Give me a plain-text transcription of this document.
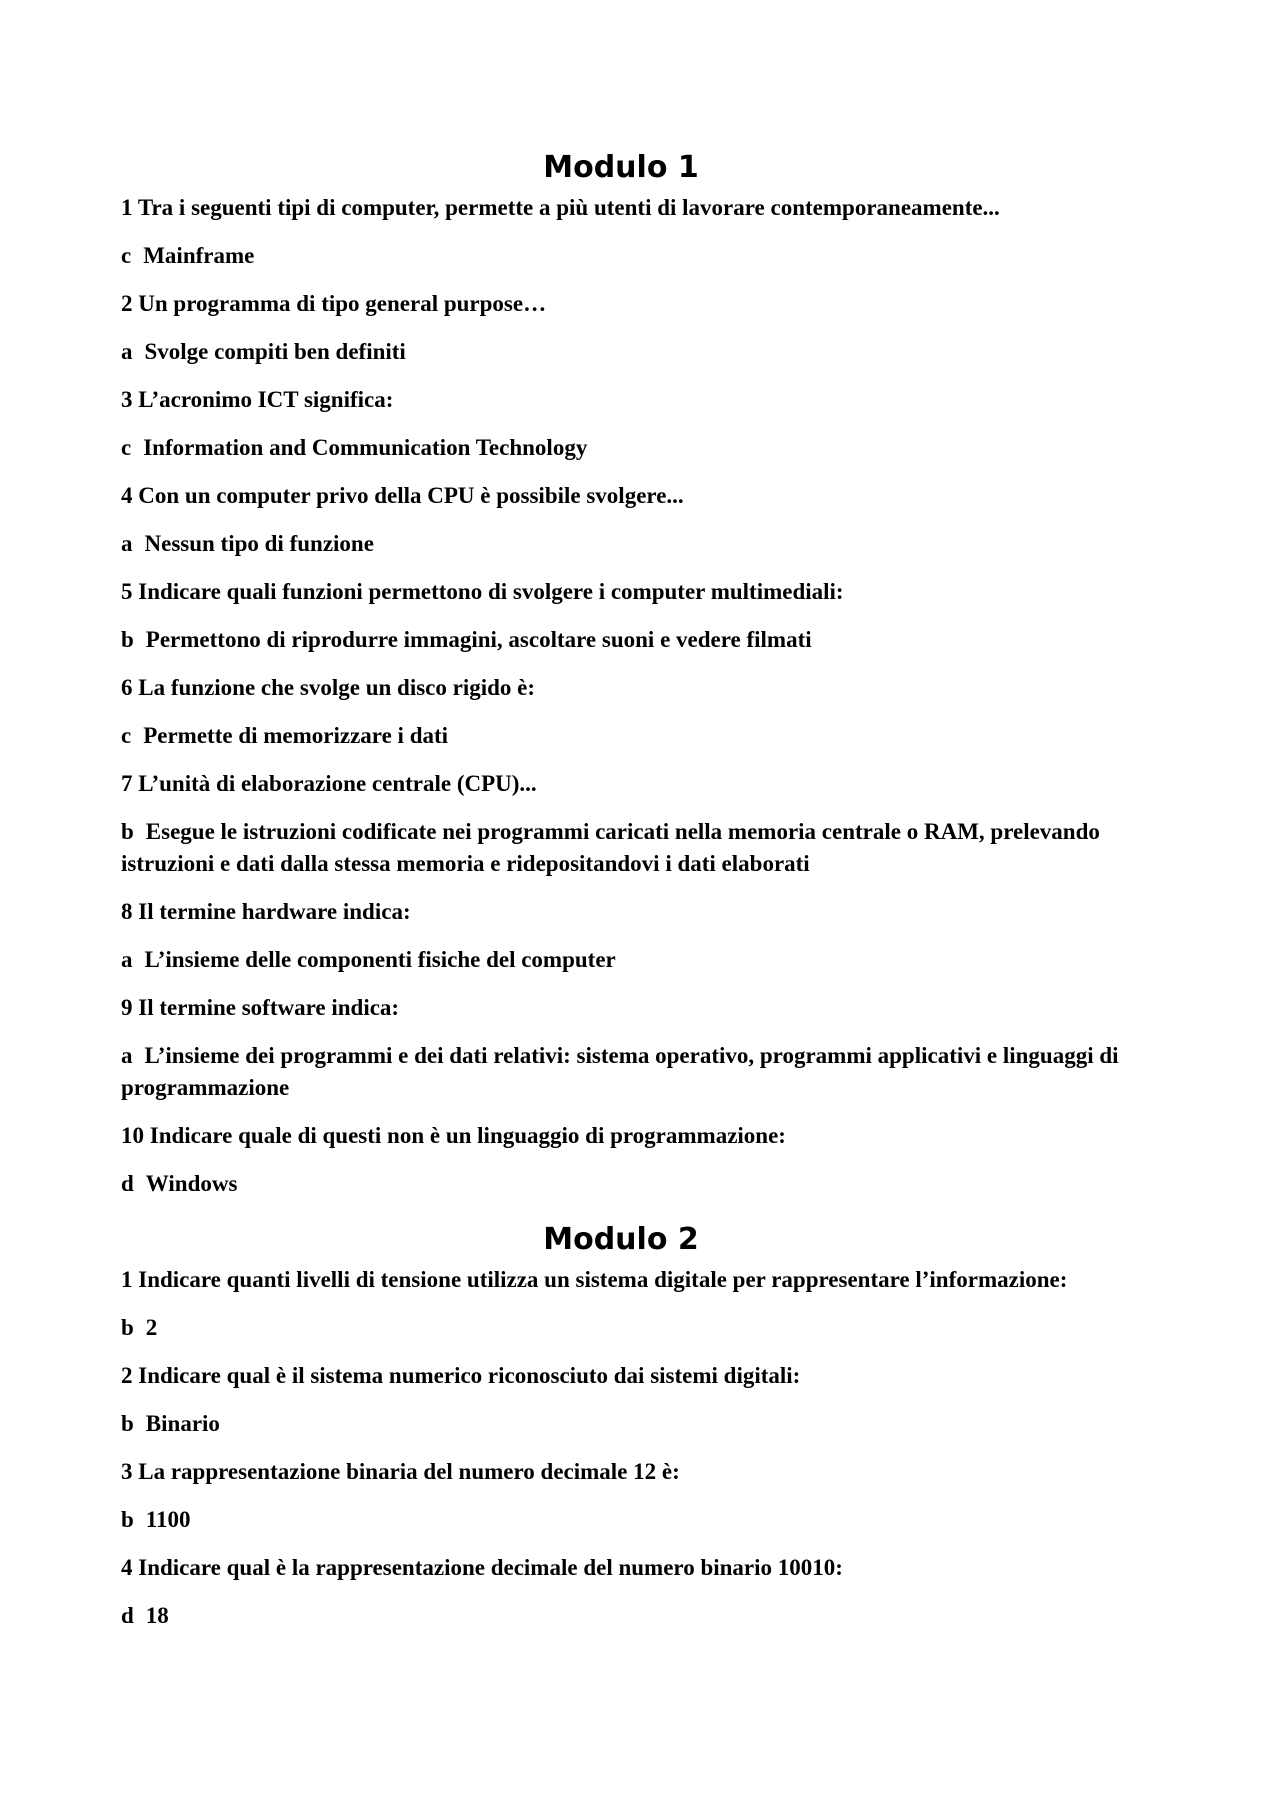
Modulo 1

1 Tra i seguenti tipi di computer, permette a più utenti di lavorare contemporaneamente...

c Mainframe

2 Un programma di tipo general purpose…

a Svolge compiti ben definiti

3 L’acronimo ICT significa:

c Information and Communication Technology

4 Con un computer privo della CPU è possibile svolgere...

a Nessun tipo di funzione

5 Indicare quali funzioni permettono di svolgere i computer multimediali:

b Permettono di riprodurre immagini, ascoltare suoni e vedere filmati

6 La funzione che svolge un disco rigido è:

c Permette di memorizzare i dati

7 L’unità di elaborazione centrale (CPU)...

b Esegue le istruzioni codificate nei programmi caricati nella memoria centrale o RAM, prelevando istruzioni e dati dalla stessa memoria e ridepositandovi i dati elaborati

8 Il termine hardware indica:

a L’insieme delle componenti fisiche del computer

9 Il termine software indica:

a L’insieme dei programmi e dei dati relativi: sistema operativo, programmi applicativi e linguaggi di programmazione

10 Indicare quale di questi non è un linguaggio di programmazione:

d Windows

Modulo 2

1 Indicare quanti livelli di tensione utilizza un sistema digitale per rappresentare l’informazione:

b 2

2 Indicare qual è il sistema numerico riconosciuto dai sistemi digitali:

b Binario

3 La rappresentazione binaria del numero decimale 12 è:

b 1100

4 Indicare qual è la rappresentazione decimale del numero binario 10010:

d 18
